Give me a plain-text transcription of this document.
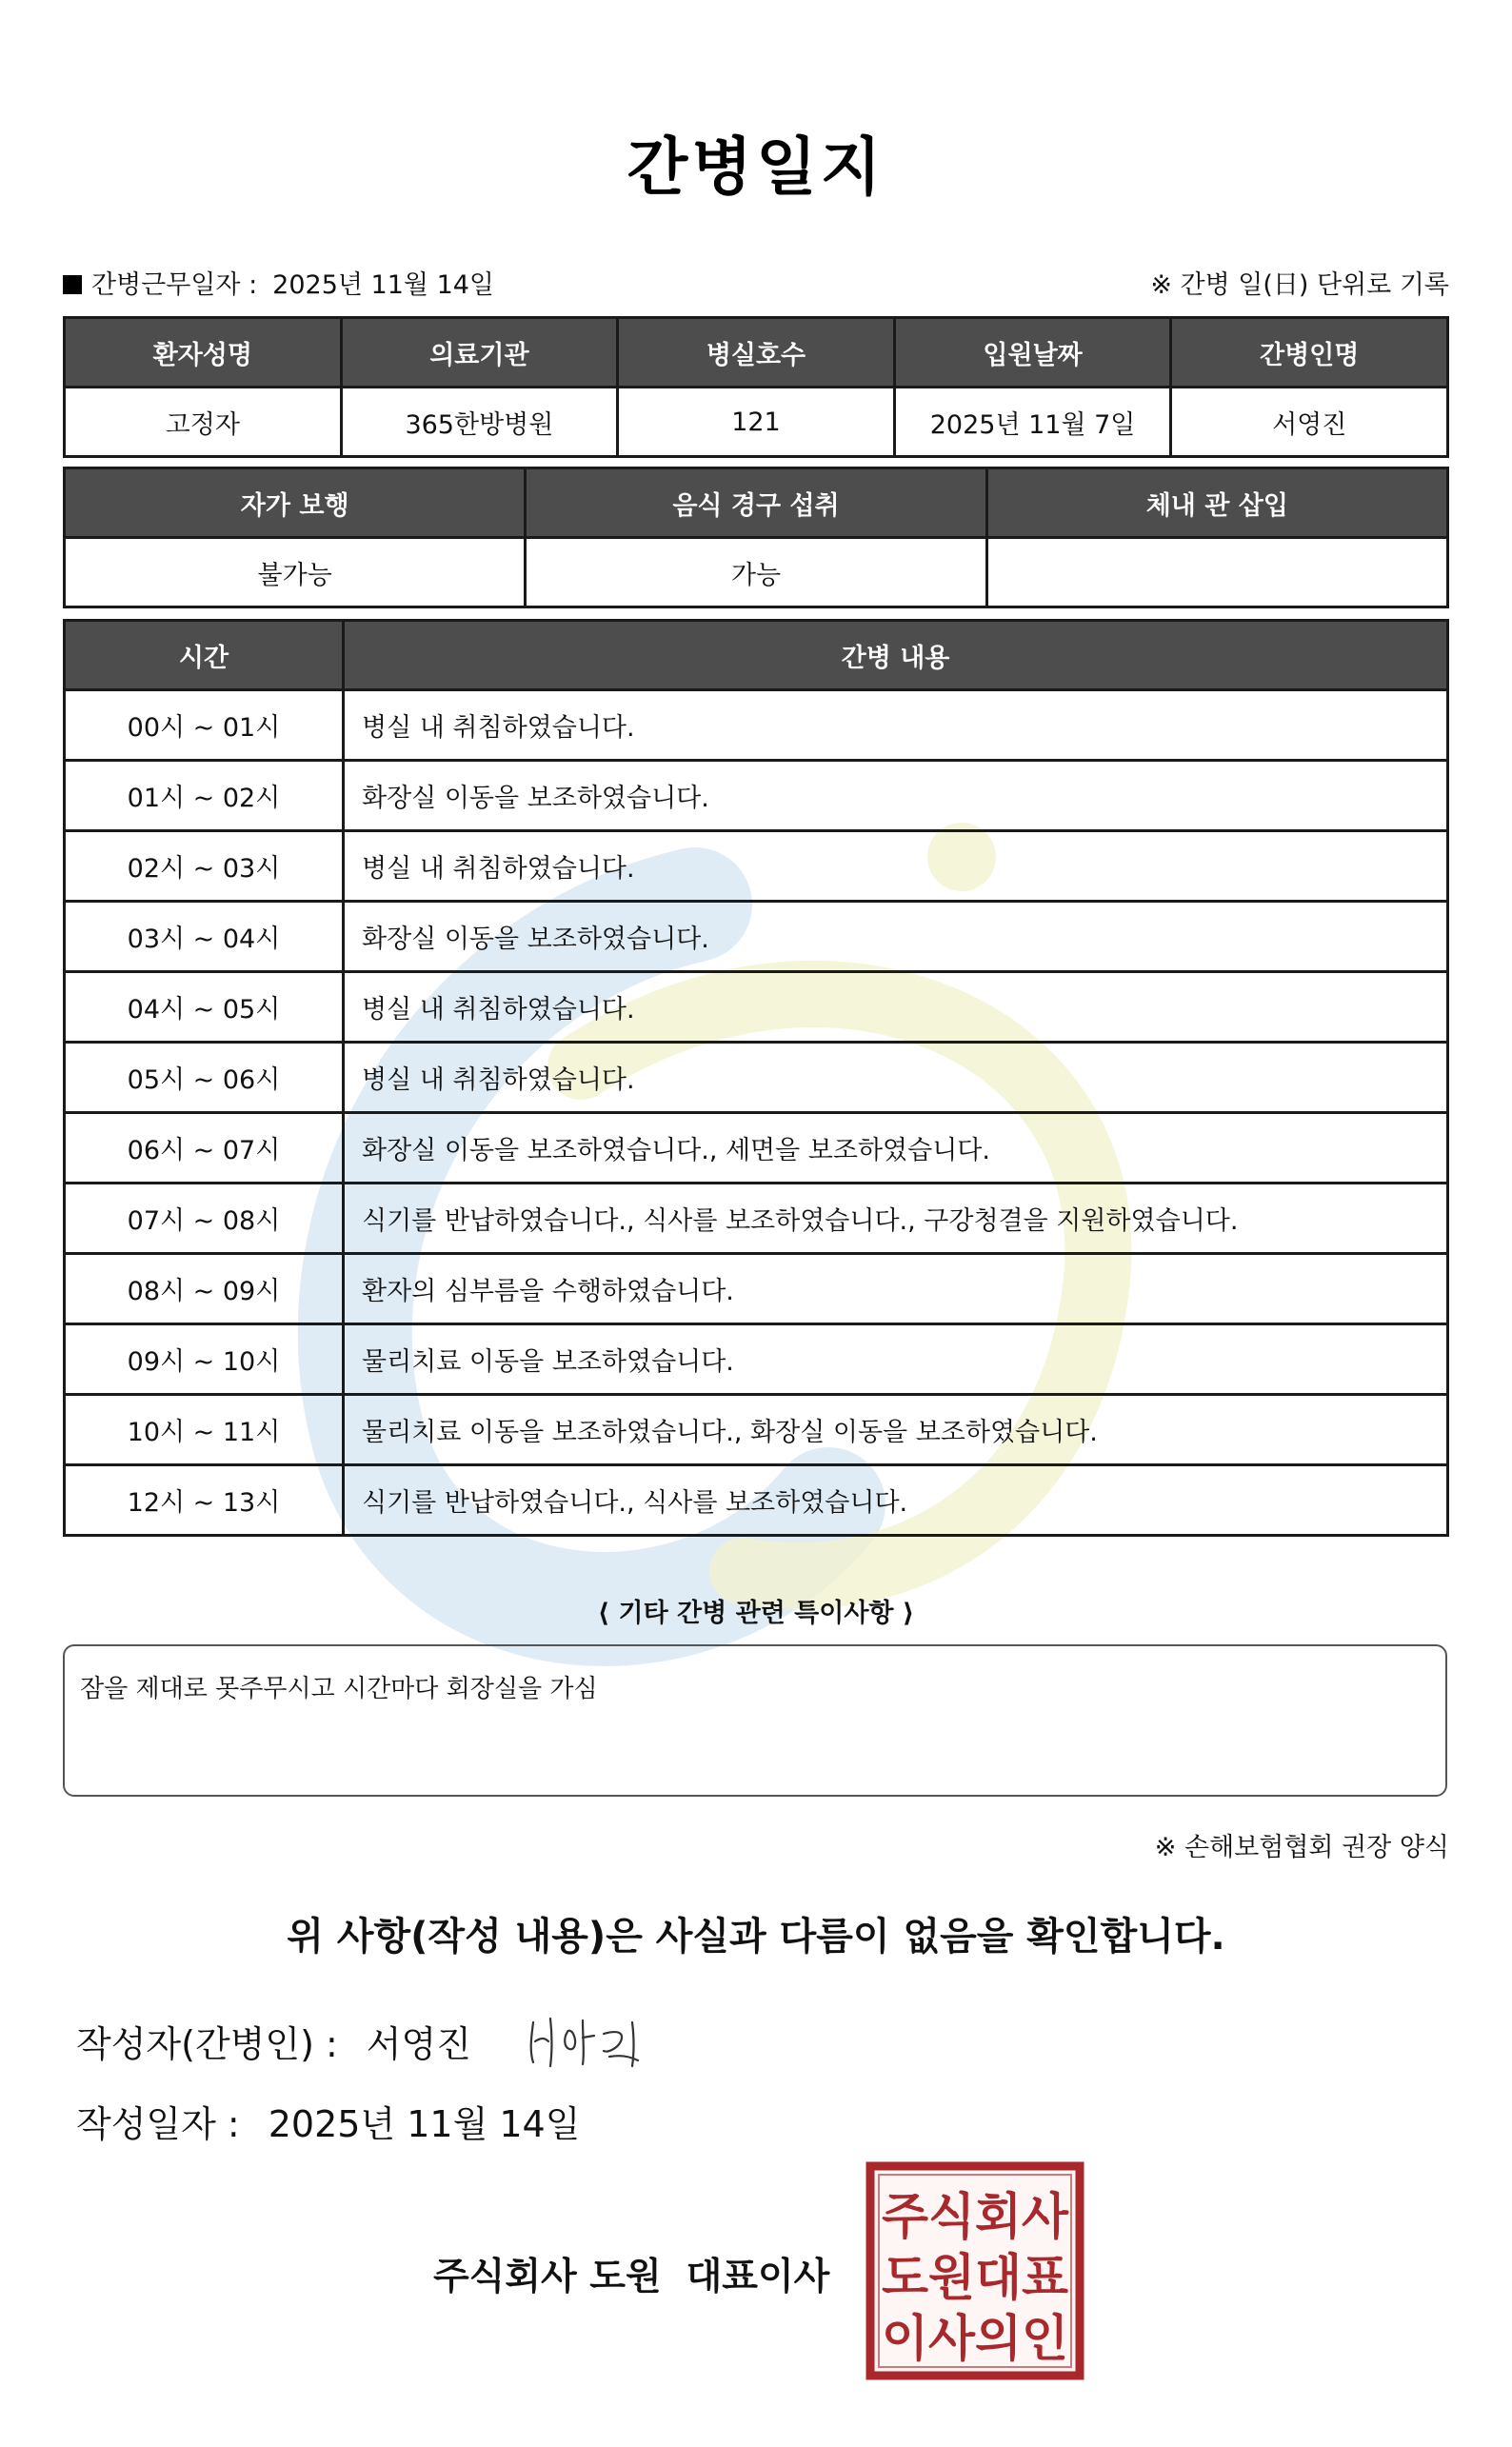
간병일지
간병근무일자 : 2025년 11월 14일	※ 간병 일(日) 단위로 기록
환자성명	의료기관	병실호수	입원날짜	간병인명
고정자	365한방병원	121	2025년 11월 7일	서영진
자가 보행	음식 경구 섭취	체내 관 삽입
불가능	가능	
시간	간병 내용
00시 ~ 01시	병실 내 취침하였습니다.
01시 ~ 02시	화장실 이동을 보조하였습니다.
02시 ~ 03시	병실 내 취침하였습니다.
03시 ~ 04시	화장실 이동을 보조하였습니다.
04시 ~ 05시	병실 내 취침하였습니다.
05시 ~ 06시	병실 내 취침하였습니다.
06시 ~ 07시	화장실 이동을 보조하였습니다., 세면을 보조하였습니다.
07시 ~ 08시	식기를 반납하였습니다., 식사를 보조하였습니다., 구강청결을 지원하였습니다.
08시 ~ 09시	환자의 심부름을 수행하였습니다.
09시 ~ 10시	물리치료 이동을 보조하였습니다.
10시 ~ 11시	물리치료 이동을 보조하였습니다., 화장실 이동을 보조하였습니다.
12시 ~ 13시	식기를 반납하였습니다., 식사를 보조하였습니다.
⟨ 기타 간병 관련 특이사항 ⟩
잠을 제대로 못주무시고 시간마다 회장실을 가심
※ 손해보험협회 권장 양식
위 사항(작성 내용)은 사실과 다름이 없음을 확인합니다.
작성자(간병인) : 서영진
작성일자 : 2025년 11월 14일
주식회사 도원 대표이사
주식회사
도원대표
이사의인
